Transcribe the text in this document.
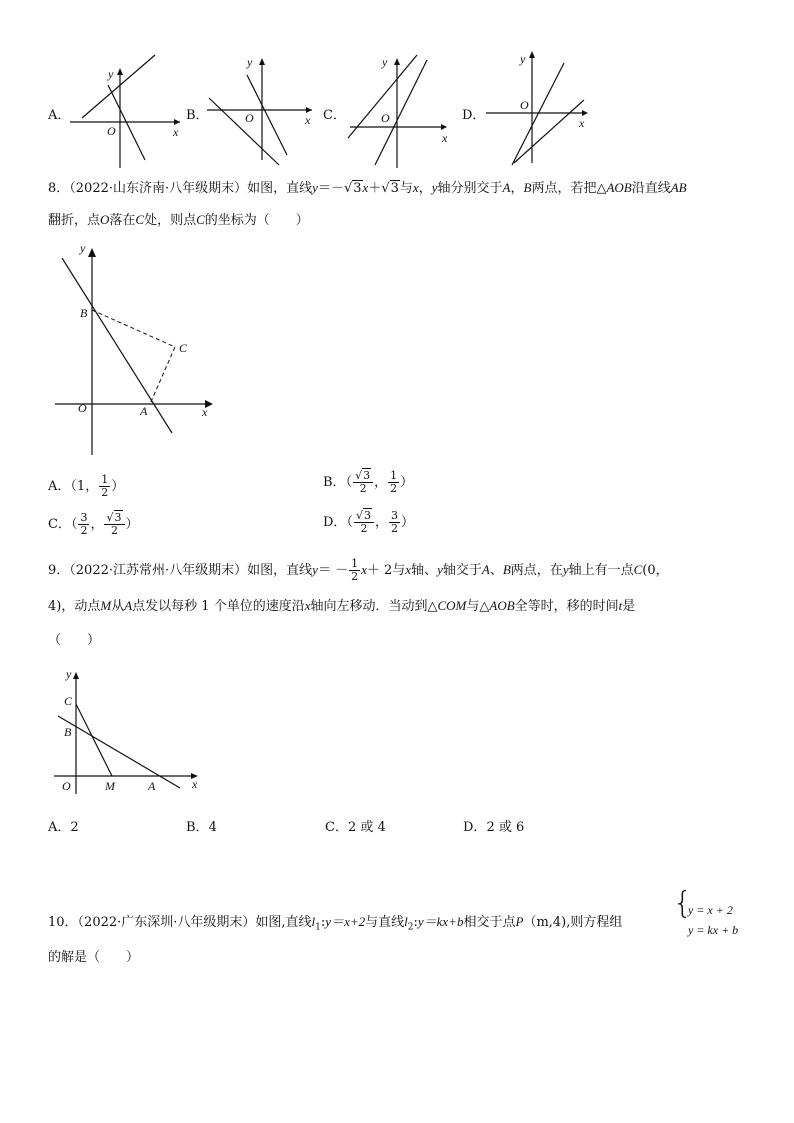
A．
y
x
O
B．
y
x
O	C．
y
x
O	D．
y
x
O
8．（2022·山东济南·八年级期末）如图，直线y＝－√3x＋√3与x，y轴分别交于A，B两点，若把△AOB沿直线AB
翻折，点O落在C处，则点C的坐标为（　　）
y
x
O	A
B
C
A．（1， $\frac{1}{2}$ ）	B．（ $\frac{√3}{2}$ ， $\frac{1}{2}$ ）
C．（ $\frac{3}{2}$ ， $\frac{√3}{2}$ ）	D．（ $\frac{√3}{2}$ ， $\frac{3}{2}$ ）
9．（2022·江苏常州·八年级期末）如图，直线$y= - \frac{1}{2} x+ 2$与x轴、y轴交于A、B两点，在y轴上有一点C(0，
4)，动点M从A点发以每秒 1 个单位的速度沿x轴向左移动．当动到△COM与△AOB全等时，移的时间t是
（　　）
y
x
O	M	A
B
C
A．2	B．4	C．2 或 4	D．2 或 6
10．（2022·广东深圳·八年级期末）如图,直线$l_1:y=x+2$与直线$l_2:y=kx+b$相交于点P（m,4),则方程组
{
y = x + 2
y = kx + b
的解是（　　）
